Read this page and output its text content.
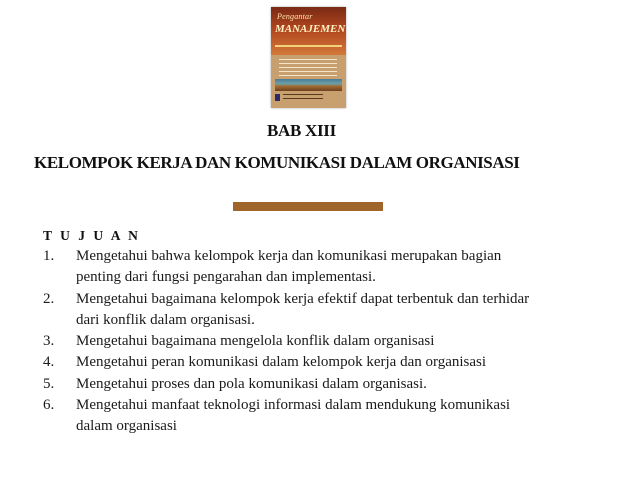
Pengantar
MANAJEMEN
BAB XIII
KELOMPOK KERJA DAN KOMUNIKASI DALAM ORGANISASI
T U J U A N
1.	Mengetahui bahwa kelompok kerja dan komunikasi merupakan bagian
penting dari fungsi pengarahan dan implementasi.
2.	Mengetahui bagaimana kelompok kerja efektif dapat terbentuk dan terhidar
dari konflik dalam organisasi.
3.	Mengetahui bagaimana mengelola konflik dalam organisasi
4.	Mengetahui peran komunikasi dalam kelompok kerja dan organisasi
5.	Mengetahui proses dan pola komunikasi dalam organisasi.
6.	Mengetahui manfaat teknologi informasi dalam mendukung komunikasi
dalam organisasi
